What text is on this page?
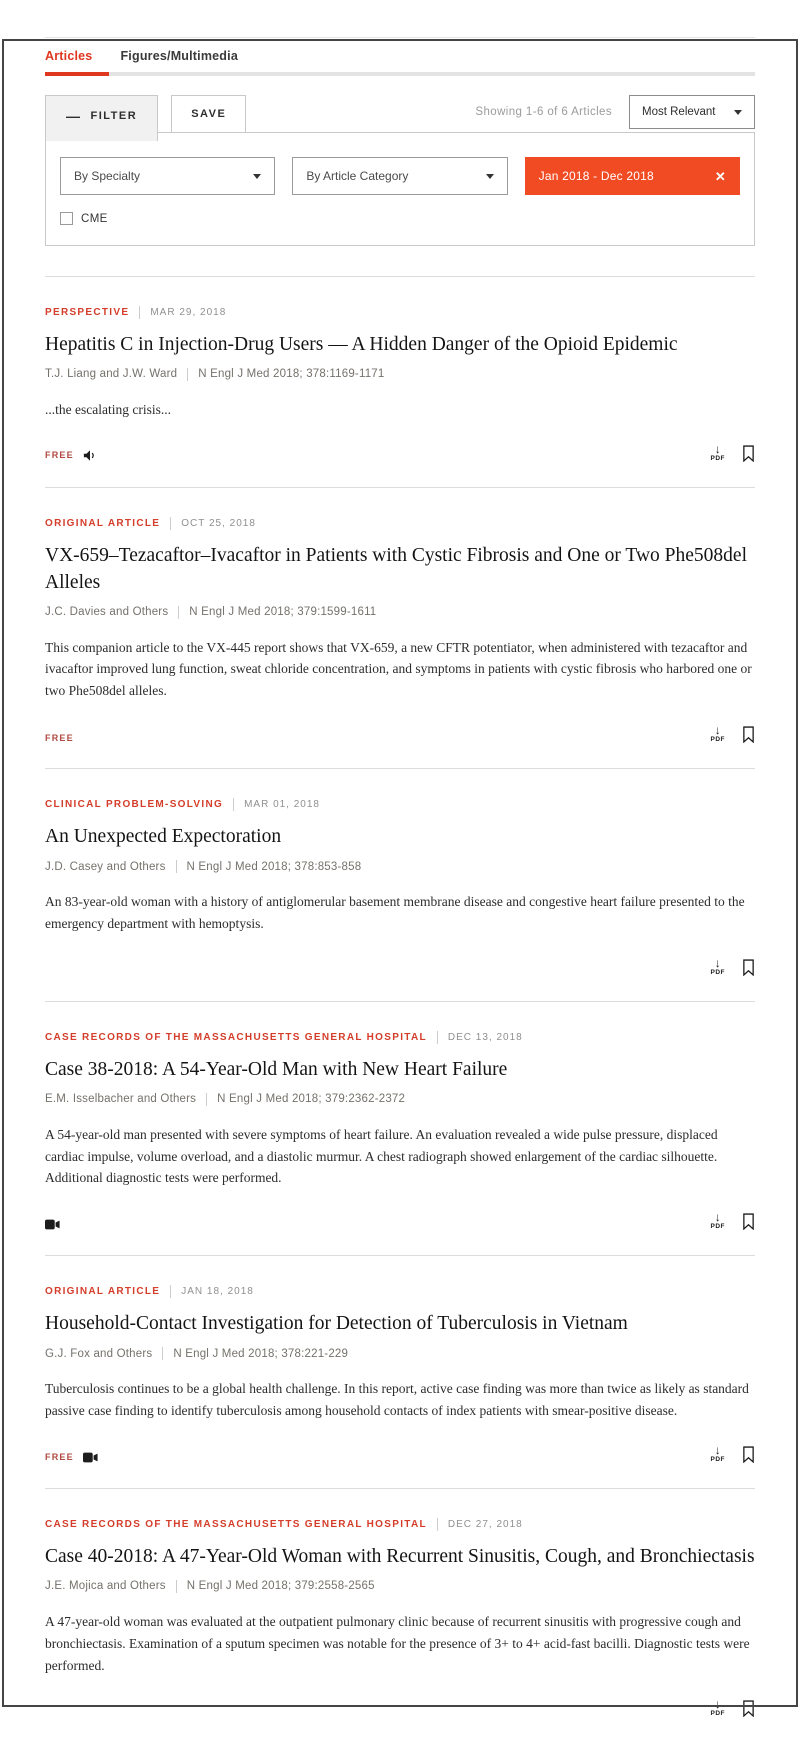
Articles Figures/Multimedia
— FILTER	SAVE	Showing 1-6 of 6 Articles	Most Relevant
By Specialty	By Article Category	Jan 2018 - Dec 2018	✕
CME
PERSPECTIVE MAR 29, 2018
Hepatitis C in Injection-Drug Users — A Hidden Danger of the Opioid Epidemic
T.J. Liang and J.W. Ward N Engl J Med 2018; 378:1169-1171

...the escalating crisis...

FREE	↓
PDF
ORIGINAL ARTICLE OCT 25, 2018
VX-659–Tezacaftor–Ivacaftor in Patients with Cystic Fibrosis and One or Two Phe508del Alleles
J.C. Davies and Others N Engl J Med 2018; 379:1599-1611

This companion article to the VX-445 report shows that VX-659, a new CFTR potentiator, when administered with tezacaftor and ivacaftor improved lung function, sweat chloride concentration, and symptoms in patients with cystic fibrosis who harbored one or two Phe508del alleles.

FREE
↓
PDF
CLINICAL PROBLEM-SOLVING MAR 01, 2018
An Unexpected Expectoration
J.D. Casey and Others N Engl J Med 2018; 378:853-858

An 83-year-old woman with a history of antiglomerular basement membrane disease and congestive heart failure presented to the emergency department with hemoptysis.

↓
PDF
CASE RECORDS OF THE MASSACHUSETTS GENERAL HOSPITAL DEC 13, 2018
Case 38-2018: A 54-Year-Old Man with New Heart Failure
E.M. Isselbacher and Others N Engl J Med 2018; 379:2362-2372

A 54-year-old man presented with severe symptoms of heart failure. An evaluation revealed a wide pulse pressure, displaced cardiac impulse, volume overload, and a diastolic murmur. A chest radiograph showed enlargement of the cardiac silhouette. Additional diagnostic tests were performed.

↓
PDF
ORIGINAL ARTICLE JAN 18, 2018
Household-Contact Investigation for Detection of Tuberculosis in Vietnam
G.J. Fox and Others N Engl J Med 2018; 378:221-229

Tuberculosis continues to be a global health challenge. In this report, active case finding was more than twice as likely as standard passive case finding to identify tuberculosis among household contacts of index patients with smear-positive disease.

FREE
↓
PDF
CASE RECORDS OF THE MASSACHUSETTS GENERAL HOSPITAL DEC 27, 2018
Case 40-2018: A 47-Year-Old Woman with Recurrent Sinusitis, Cough, and Bronchiectasis
J.E. Mojica and Others N Engl J Med 2018; 379:2558-2565

A 47-year-old woman was evaluated at the outpatient pulmonary clinic because of recurrent sinusitis with progressive cough and bronchiectasis. Examination of a sputum specimen was notable for the presence of 3+ to 4+ acid-fast bacilli. Diagnostic tests were performed.

↓
PDF
